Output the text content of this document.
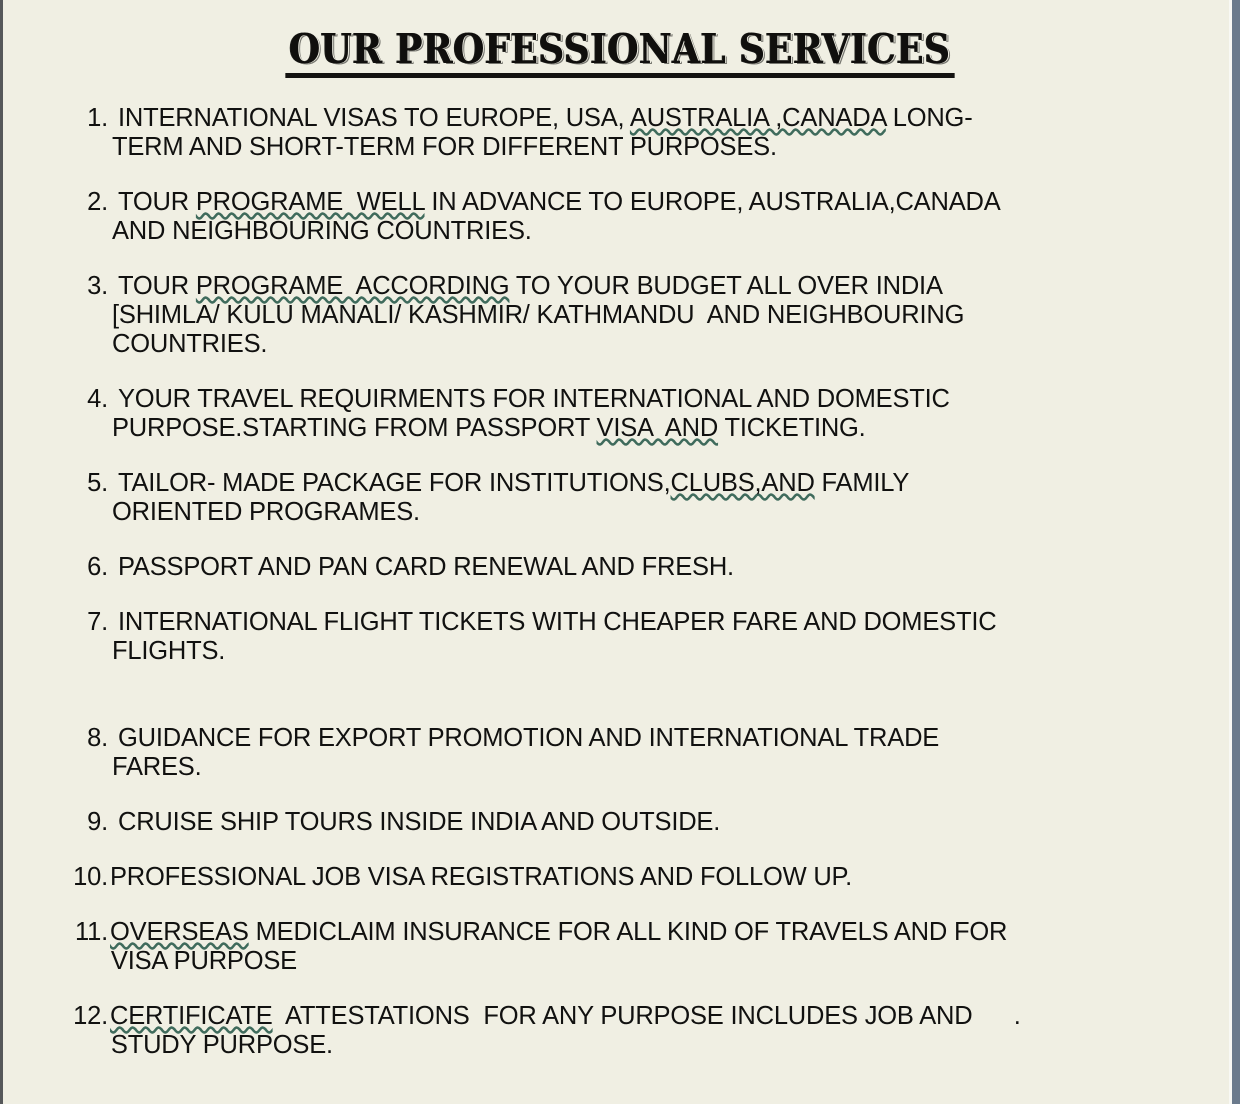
OUR PROFESSIONAL SERVICES
1. INTERNATIONAL VISAS TO EUROPE, USA, AUSTRALIA ,CANADA LONG-
TERM AND SHORT-TERM FOR DIFFERENT PURPOSES.
2. TOUR PROGRAME  WELL IN ADVANCE TO EUROPE, AUSTRALIA,CANADA
AND NEIGHBOURING COUNTRIES.
3. TOUR PROGRAME  ACCORDING TO YOUR BUDGET ALL OVER INDIA
[SHIMLA/ KULU MANALI/ KASHMIR/ KATHMANDU  AND NEIGHBOURING
COUNTRIES.
4. YOUR TRAVEL REQUIRMENTS FOR INTERNATIONAL AND DOMESTIC
PURPOSE.STARTING FROM PASSPORT VISA  AND TICKETING.
5. TAILOR- MADE PACKAGE FOR INSTITUTIONS,CLUBS,AND FAMILY
ORIENTED PROGRAMES.
6. PASSPORT AND PAN CARD RENEWAL AND FRESH.
7. INTERNATIONAL FLIGHT TICKETS WITH CHEAPER FARE AND DOMESTIC
FLIGHTS.
8. GUIDANCE FOR EXPORT PROMOTION AND INTERNATIONAL TRADE
FARES.
9. CRUISE SHIP TOURS INSIDE INDIA AND OUTSIDE.
10. PROFESSIONAL JOB VISA REGISTRATIONS AND FOLLOW UP.
11. OVERSEAS MEDICLAIM INSURANCE FOR ALL KIND OF TRAVELS AND FOR
VISA PURPOSE
12. CERTIFICATE  ATTESTATIONS  FOR ANY PURPOSE INCLUDES JOB AND      .
STUDY PURPOSE.
